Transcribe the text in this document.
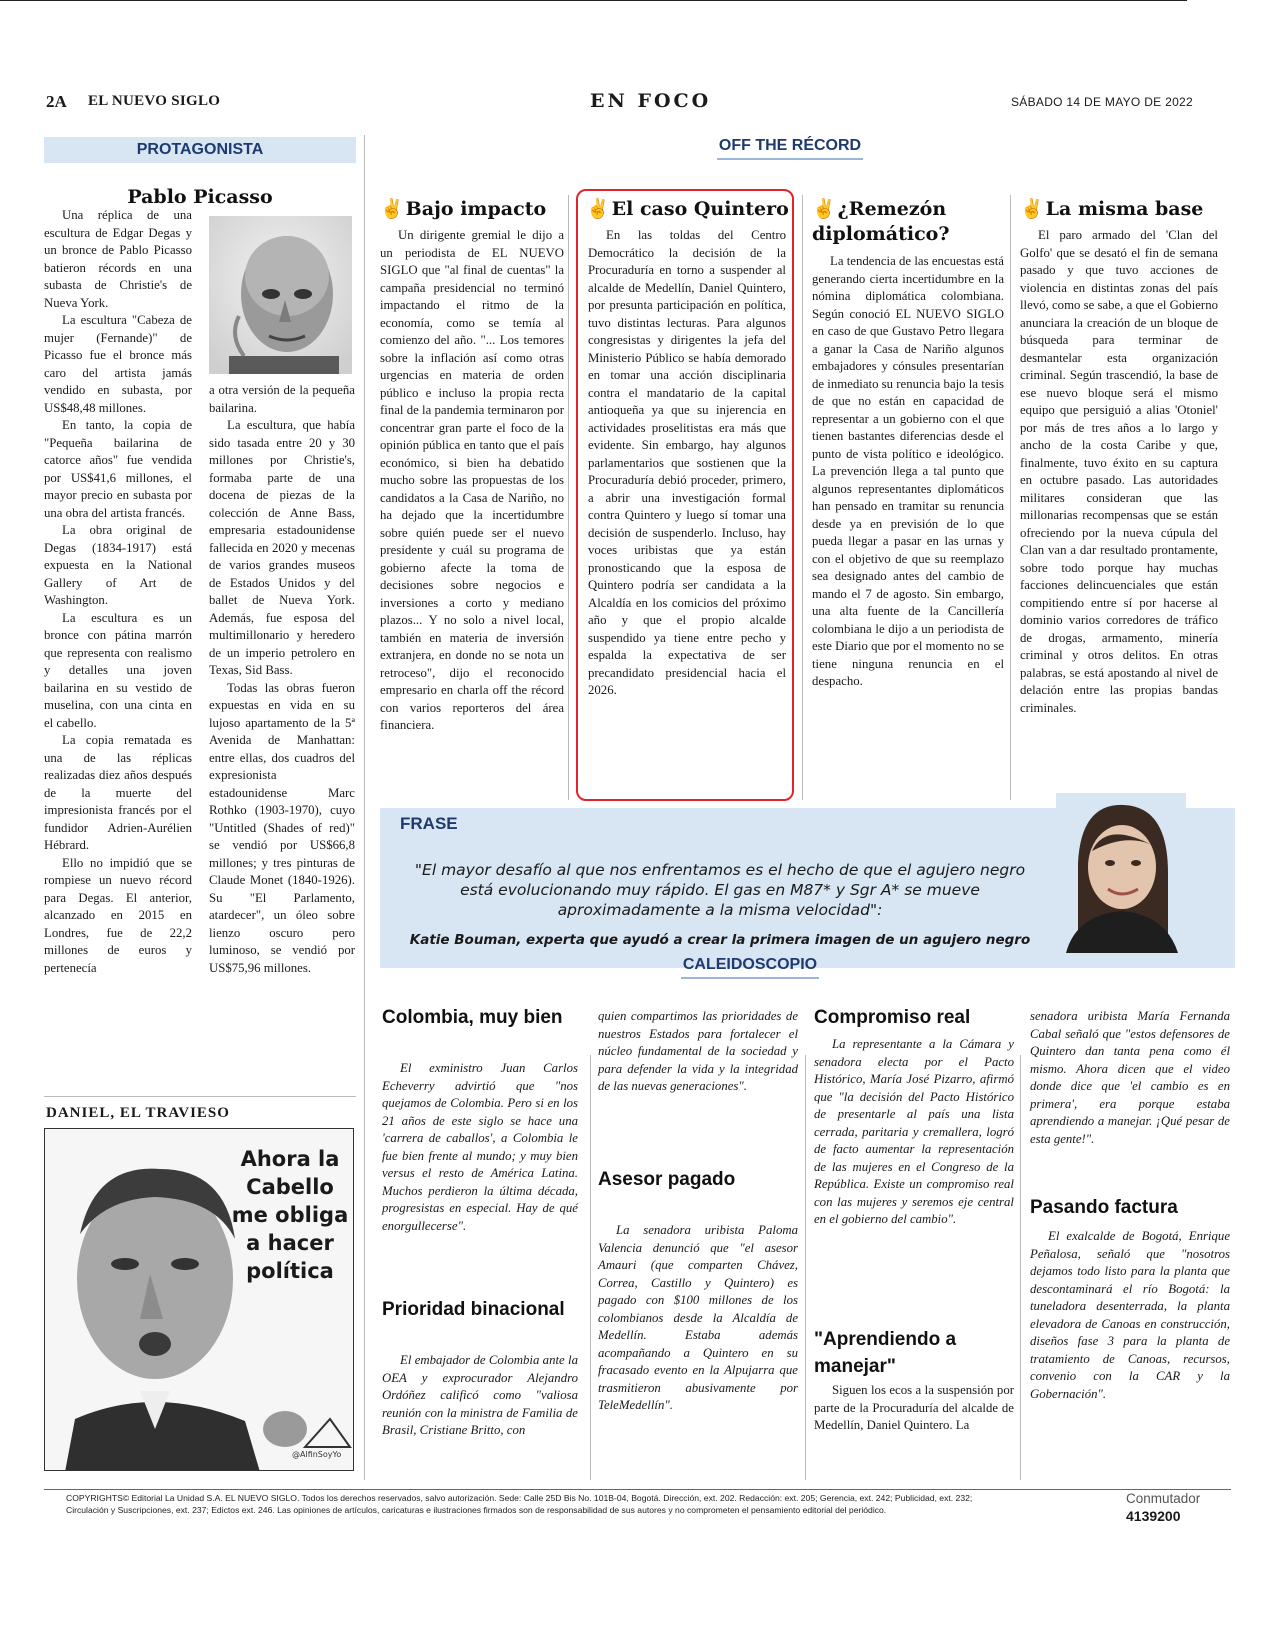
2A EL NUEVO SIGLO	EN FOCO	SÁBADO 14 DE MAYO DE 2022
PROTAGONISTA
Pablo Picasso

Una réplica de una escultura de Edgar Degas y un bronce de Pablo Picasso batieron récords en una subasta de Christie's de Nueva York.

La escultura "Cabeza de mujer (Fernande)" de Picasso fue el bronce más caro del artista jamás vendido en subasta, por US$48,48 millones.

En tanto, la copia de "Pequeña bailarina de catorce años" fue vendida por US$41,6 millones, el mayor precio en subasta por una obra del artista francés.

La obra original de Degas (1834-1917) está expuesta en la National Gallery of Art de Washington.

La escultura es un bronce con pátina marrón que representa con realismo y detalles una joven bailarina en su vestido de muselina, con una cinta en el cabello.

La copia rematada es una de las réplicas realizadas diez años después de la muerte del impresionista francés por el fundidor Adrien-Aurélien Hébrard.

Ello no impidió que se rompiese un nuevo récord para Degas. El anterior, alcanzado en 2015 en Londres, fue de 22,2 millones de euros y pertenecía

a otra versión de la pequeña bailarina.

La escultura, que había sido tasada entre 20 y 30 millones por Christie's, formaba parte de una docena de piezas de la colección de Anne Bass, empresaria estadounidense fallecida en 2020 y mecenas de varios grandes museos de Estados Unidos y del ballet de Nueva York. Además, fue esposa del multimillonario y heredero de un imperio petrolero en Texas, Sid Bass.

Todas las obras fueron expuestas en vida en su lujoso apartamento de la 5ª Avenida de Manhattan: entre ellas, dos cuadros del expresionista estadounidense Marc Rothko (1903-1970), cuyo "Untitled (Shades of red)" se vendió por US$66,8 millones; y tres pinturas de Claude Monet (1840-1926). Su "El Parlamento, atardecer", un óleo sobre lienzo oscuro pero luminoso, se vendió por US$75,96 millones.

DANIEL, EL TRAVIESO
Ahora la Cabello me obliga a hacer política
@AlfinSoyYo
OFF THE RÉCORD
✌ Bajo impacto

Un dirigente gremial le dijo a un periodista de EL NUEVO SIGLO que "al final de cuentas" la campaña presidencial no terminó impactando el ritmo de la economía, como se temía al comienzo del año. "... Los temores sobre la inflación así como otras urgencias en materia de orden público e incluso la propia recta final de la pandemia terminaron por concentrar gran parte el foco de la opinión pública en tanto que el país económico, si bien ha debatido mucho sobre las propuestas de los candidatos a la Casa de Nariño, no ha dejado que la incertidumbre sobre quién puede ser el nuevo presidente y cuál su programa de gobierno afecte la toma de decisiones sobre negocios e inversiones a corto y mediano plazos... Y no solo a nivel local, también en materia de inversión extranjera, en donde no se nota un retroceso", dijo el reconocido empresario en charla off the récord con varios reporteros del área financiera.

✌ El caso Quintero

En las toldas del Centro Democrático la decisión de la Procuraduría en torno a suspender al alcalde de Medellín, Daniel Quintero, por presunta participación en política, tuvo distintas lecturas. Para algunos congresistas y dirigentes la jefa del Ministerio Público se había demorado en tomar una acción disciplinaria contra el mandatario de la capital antioqueña ya que su injerencia en actividades proselitistas era más que evidente. Sin embargo, hay algunos parlamentarios que sostienen que la Procuraduría debió proceder, primero, a abrir una investigación formal contra Quintero y luego sí tomar una decisión de suspenderlo. Incluso, hay voces uribistas que ya están pronosticando que la esposa de Quintero podría ser candidata a la Alcaldía en los comicios del próximo año y que el propio alcalde suspendido ya tiene entre pecho y espalda la expectativa de ser precandidato presidencial hacia el 2026.

✌ ¿Remezón diplomático?

La tendencia de las encuestas está generando cierta incertidumbre en la nómina diplomática colombiana. Según conoció EL NUEVO SIGLO en caso de que Gustavo Petro llegara a ganar la Casa de Nariño algunos embajadores y cónsules presentarían de inmediato su renuncia bajo la tesis de que no están en capacidad de representar a un gobierno con el que tienen bastantes diferencias desde el punto de vista político e ideológico. La prevención llega a tal punto que algunos representantes diplomáticos han pensado en tramitar su renuncia desde ya en previsión de lo que pueda llegar a pasar en las urnas y con el objetivo de que su reemplazo sea designado antes del cambio de mando el 7 de agosto. Sin embargo, una alta fuente de la Cancillería colombiana le dijo a un periodista de este Diario que por el momento no se tiene ninguna renuncia en el despacho.

✌ La misma base

El paro armado del 'Clan del Golfo' que se desató el fin de semana pasado y que tuvo acciones de violencia en distintas zonas del país llevó, como se sabe, a que el Gobierno anunciara la creación de un bloque de búsqueda para terminar de desmantelar esta organización criminal. Según trascendió, la base de ese nuevo bloque será el mismo equipo que persiguió a alias 'Otoniel' por más de tres años a lo largo y ancho de la costa Caribe y que, finalmente, tuvo éxito en su captura en octubre pasado. Las autoridades militares consideran que las millonarias recompensas que se están ofreciendo por la nueva cúpula del Clan van a dar resultado prontamente, sobre todo porque hay muchas facciones delincuenciales que están compitiendo entre sí por hacerse al dominio varios corredores de tráfico de drogas, armamento, minería criminal y otros delitos. En otras palabras, se está apostando al nivel de delación entre las propias bandas criminales.

FRASE
"El mayor desafío al que nos enfrentamos es el hecho de que el agujero negro está evolucionando muy rápido. El gas en M87* y Sgr A* se mueve aproximadamente a la misma velocidad":
Katie Bouman, experta que ayudó a crear la primera imagen de un agujero negro
CALEIDOSCOPIO
Colombia, muy bien

El exministro Juan Carlos Echeverry advirtió que "nos quejamos de Colombia. Pero si en los 21 años de este siglo se hace una 'carrera de caballos', a Colombia le fue bien frente al mundo; y muy bien versus el resto de América Latina. Muchos perdieron la última década, progresistas en especial. Hay de qué enorgullecerse".

Prioridad binacional

El embajador de Colombia ante la OEA y exprocurador Alejandro Ordóñez calificó como "valiosa reunión con la ministra de Familia de Brasil, Cristiane Britto, con

quien compartimos las prioridades de nuestros Estados para fortalecer el núcleo fundamental de la sociedad y para defender la vida y la integridad de las nuevas generaciones".

Asesor pagado

La senadora uribista Paloma Valencia denunció que "el asesor Amauri (que comparten Chávez, Correa, Castillo y Quintero) es pagado con $100 millones de los colombianos desde la Alcaldía de Medellín. Estaba además acompañando a Quintero en su fracasado evento en la Alpujarra que trasmitieron abusivamente por TeleMedellín".

Compromiso real

La representante a la Cámara y senadora electa por el Pacto Histórico, María José Pizarro, afirmó que "la decisión del Pacto Histórico de presentarle al país una lista cerrada, paritaria y cremallera, logró de facto aumentar la representación de las mujeres en el Congreso de la República. Existe un compromiso real con las mujeres y seremos eje central en el gobierno del cambio".

"Aprendiendo a manejar"

Siguen los ecos a la suspensión por parte de la Procuraduría del alcalde de Medellín, Daniel Quintero. La

senadora uribista María Fernanda Cabal señaló que "estos defensores de Quintero dan tanta pena como él mismo. Ahora dicen que el video donde dice que 'el cambio es en primera', era porque estaba aprendiendo a manejar. ¡Qué pesar de esta gente!".

Pasando factura

El exalcalde de Bogotá, Enrique Peñalosa, señaló que "nosotros dejamos todo listo para la planta que descontaminará el río Bogotá: la tuneladora desenterrada, la planta elevadora de Canoas en construcción, diseños fase 3 para la planta de tratamiento de Canoas, recursos, convenio con la CAR y la Gobernación".

COPYRIGHTS© Editorial La Unidad S.A. EL NUEVO SIGLO. Todos los derechos reservados, salvo autorización. Sede: Calle 25D Bis No. 101B-04, Bogotá. Dirección, ext. 202. Redacción: ext. 205; Gerencia, ext. 242; Publicidad, ext. 232;
Circulación y Suscripciones, ext. 237; Edictos ext. 246. Las opiniones de artículos, caricaturas e ilustraciones firmados son de responsabilidad de sus autores y no comprometen el pensamiento editorial del periódico.
Conmutador
4139200
